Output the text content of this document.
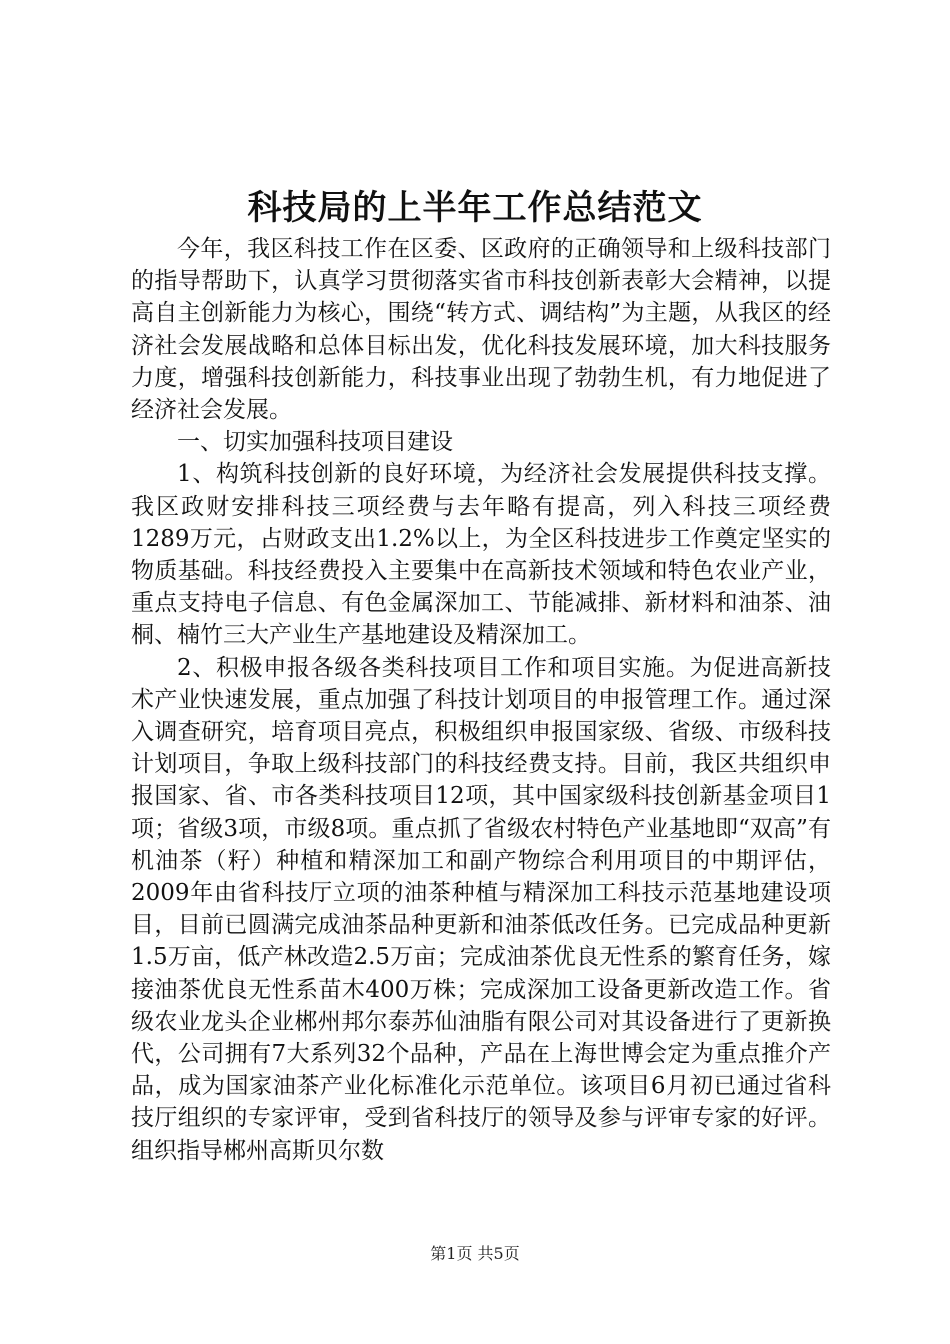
科技局的上半年工作总结范文

今年，我区科技工作在区委、区政府的正确领导和上级科技部门的指导帮助下，认真学习贯彻落实省市科技创新表彰大会精神，以提高自主创新能力为核心，围绕“转方式、调结构”为主题，从我区的经济社会发展战略和总体目标出发，优化科技发展环境，加大科技服务力度，增强科技创新能力，科技事业出现了勃勃生机，有力地促进了经济社会发展。

一、切实加强科技项目建设

1、构筑科技创新的良好环境，为经济社会发展提供科技支撑。我区政财安排科技三项经费与去年略有提高，列入科技三项经费1289万元，占财政支出1.2%以上，为全区科技进步工作奠定坚实的物质基础。科技经费投入主要集中在高新技术领域和特色农业产业，重点支持电子信息、有色金属深加工、节能减排、新材料和油茶、油桐、楠竹三大产业生产基地建设及精深加工。

2、积极申报各级各类科技项目工作和项目实施。为促进高新技术产业快速发展，重点加强了科技计划项目的申报管理工作。通过深入调查研究，培育项目亮点，积极组织申报国家级、省级、市级科技计划项目，争取上级科技部门的科技经费支持。目前，我区共组织申报国家、省、市各类科技项目12项，其中国家级科技创新基金项目1项；省级3项，市级8项。重点抓了省级农村特色产业基地即“双高”有机油茶（籽）种植和精深加工和副产物综合利用项目的中期评估，2009年由省科技厅立项的油茶种植与精深加工科技示范基地建设项目，目前已圆满完成油茶品种更新和油茶低改任务。已完成品种更新1.5万亩，低产林改造2.5万亩；完成油茶优良无性系的繁育任务，嫁接油茶优良无性系苗木400万株；完成深加工设备更新改造工作。省级农业龙头企业郴州邦尔泰苏仙油脂有限公司对其设备进行了更新换代，公司拥有7大系列32个品种，产品在上海世博会定为重点推介产品，成为国家油茶产业化标准化示范单位。该项目6月初已通过省科技厅组织的专家评审，受到省科技厅的领导及参与评审专家的好评。组织指导郴州高斯贝尔数

第1页 共5页
